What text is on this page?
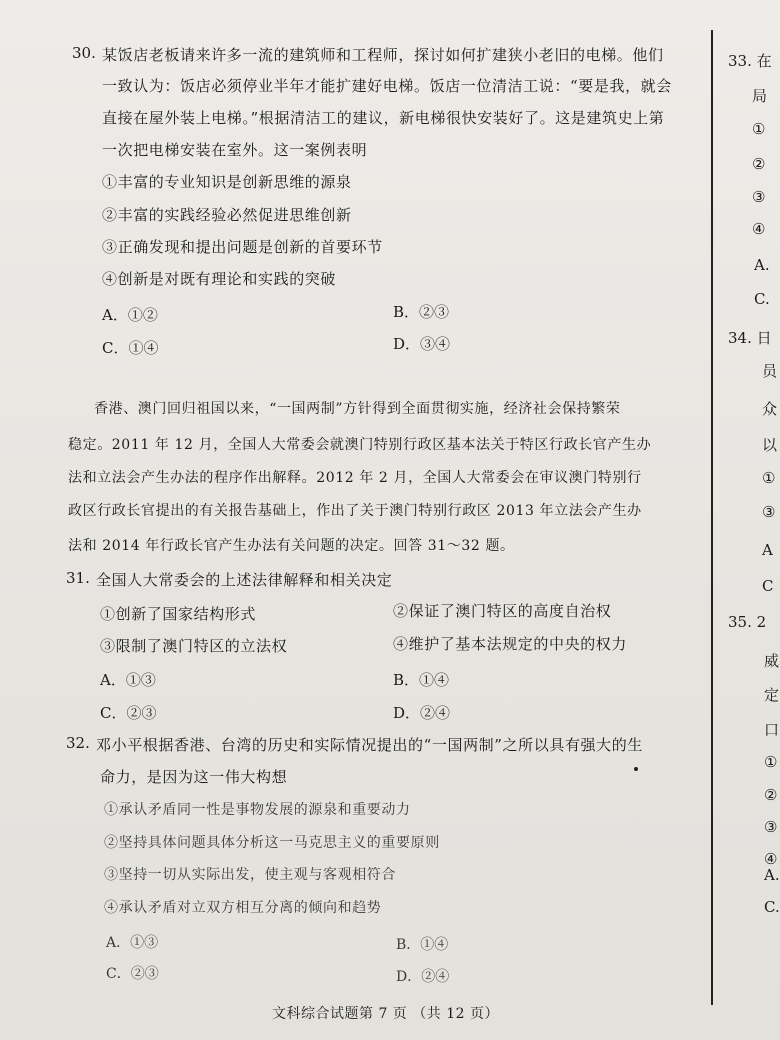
30. 某饭店老板请来许多一流的建筑师和工程师，探讨如何扩建狭小老旧的电梯。他们
一致认为：饭店必须停业半年才能扩建好电梯。饭店一位清洁工说：“要是我，就会
直接在屋外装上电梯。”根据清洁工的建议，新电梯很快安装好了。这是建筑史上第
一次把电梯安装在室外。这一案例表明
①丰富的专业知识是创新思维的源泉
②丰富的实践经验必然促进思维创新
③正确发现和提出问题是创新的首要环节
④创新是对既有理论和实践的突破
A．①②	B．②③
C．①④	D．③④
香港、澳门回归祖国以来，“一国两制”方针得到全面贯彻实施，经济社会保持繁荣
稳定。2011 年 12 月，全国人大常委会就澳门特别行政区基本法关于特区行政长官产生办
法和立法会产生办法的程序作出解释。2012 年 2 月，全国人大常委会在审议澳门特别行
政区行政长官提出的有关报告基础上，作出了关于澳门特别行政区 2013 年立法会产生办
法和 2014 年行政长官产生办法有关问题的决定。回答 31～32 题。
31. 全国人大常委会的上述法律解释和相关决定
①创新了国家结构形式	②保证了澳门特区的高度自治权
③限制了澳门特区的立法权	④维护了基本法规定的中央的权力
A．①③	B．①④
C．②③	D．②④
32. 邓小平根据香港、台湾的历史和实际情况提出的“一国两制”之所以具有强大的生
命力，是因为这一伟大构想
①承认矛盾同一性是事物发展的源泉和重要动力
②坚持具体问题具体分析这一马克思主义的重要原则
③坚持一切从实际出发，使主观与客观相符合
④承认矛盾对立双方相互分离的倾向和趋势
A．①③	B．①④
C．②③	D．②④
33. 在
局
①
②
③
④
A.
C.
34. 日
员
众
以
①
③
A
C
35. 2
威
定
口
①
②
③
④
A.
C.
文科综合试题第 7 页 （共 12 页）
